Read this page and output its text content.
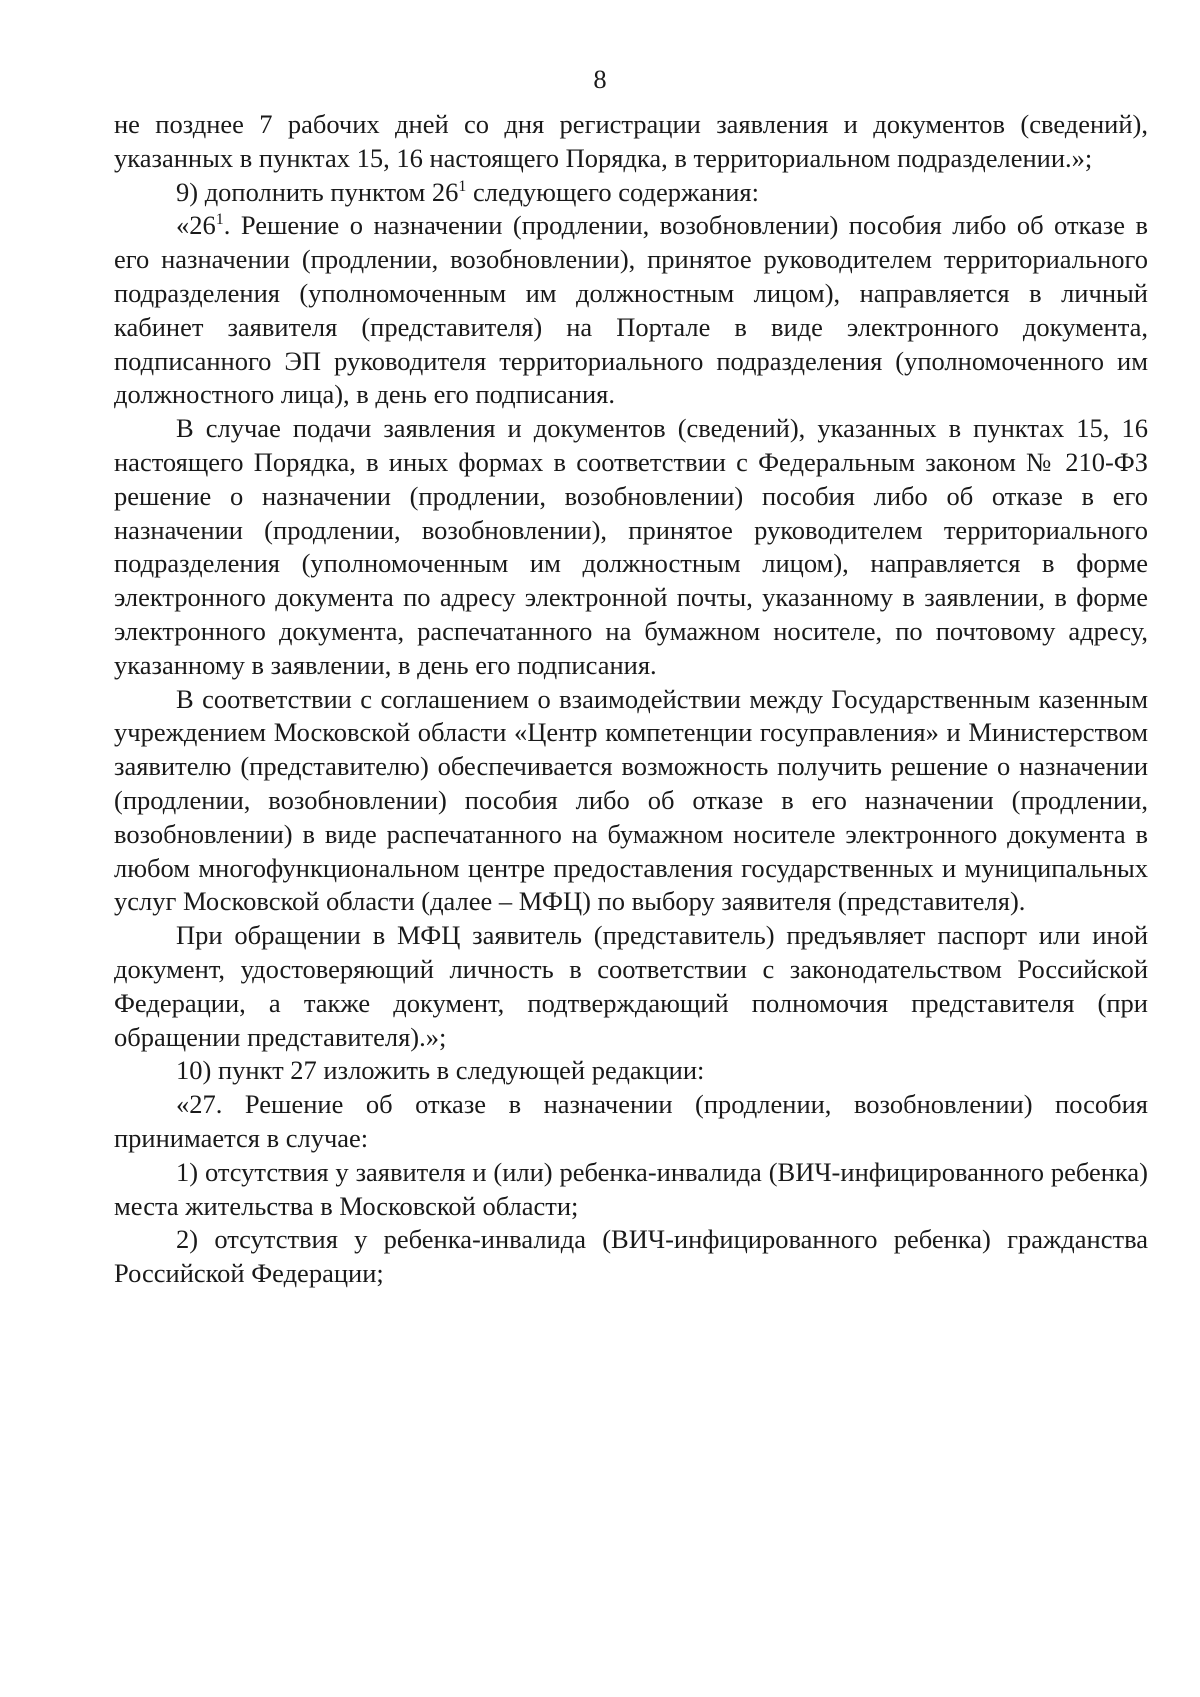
8

не позднее 7 рабочих дней со дня регистрации заявления и документов (сведений), указанных в пунктах 15, 16 настоящего Порядка, в территориальном подразделении.»;

9) дополнить пунктом $26^1$ следующего содержания:

«$26^1$. Решение о назначении (продлении, возобновлении) пособия либо об отказе в его назначении (продлении, возобновлении), принятое руководителем территориального подразделения (уполномоченным им должностным лицом), направляется в личный кабинет заявителя (представителя) на Портале в виде электронного документа, подписанного ЭП руководителя территориального подразделения (уполномоченного им должностного лица), в день его подписания.

В случае подачи заявления и документов (сведений), указанных в пунктах 15, 16 настоящего Порядка, в иных формах в соответствии с Федеральным законом № 210-ФЗ решение о назначении (продлении, возобновлении) пособия либо об отказе в его назначении (продлении, возобновлении), принятое руководителем территориального подразделения (уполномоченным им должностным лицом), направляется в форме электронного документа по адресу электронной почты, указанному в заявлении, в форме электронного документа, распечатанного на бумажном носителе, по почтовому адресу, указанному в заявлении, в день его подписания.

В соответствии с соглашением о взаимодействии между Государственным казенным учреждением Московской области «Центр компетенции госуправления» и Министерством заявителю (представителю) обеспечивается возможность получить решение о назначении (продлении, возобновлении) пособия либо об отказе в его назначении (продлении, возобновлении) в виде распечатанного на бумажном носителе электронного документа в любом многофункциональном центре предоставления государственных и муниципальных услуг Московской области (далее – МФЦ) по выбору заявителя (представителя).

При обращении в МФЦ заявитель (представитель) предъявляет паспорт или иной документ, удостоверяющий личность в соответствии с законодательством Российской Федерации, а также документ, подтверждающий полномочия представителя (при обращении представителя).»;

10) пункт 27 изложить в следующей редакции:

«27. Решение об отказе в назначении (продлении, возобновлении) пособия принимается в случае:

1) отсутствия у заявителя и (или) ребенка-инвалида (ВИЧ-инфицированного ребенка) места жительства в Московской области;

2) отсутствия у ребенка-инвалида (ВИЧ-инфицированного ребенка) гражданства Российской Федерации;
